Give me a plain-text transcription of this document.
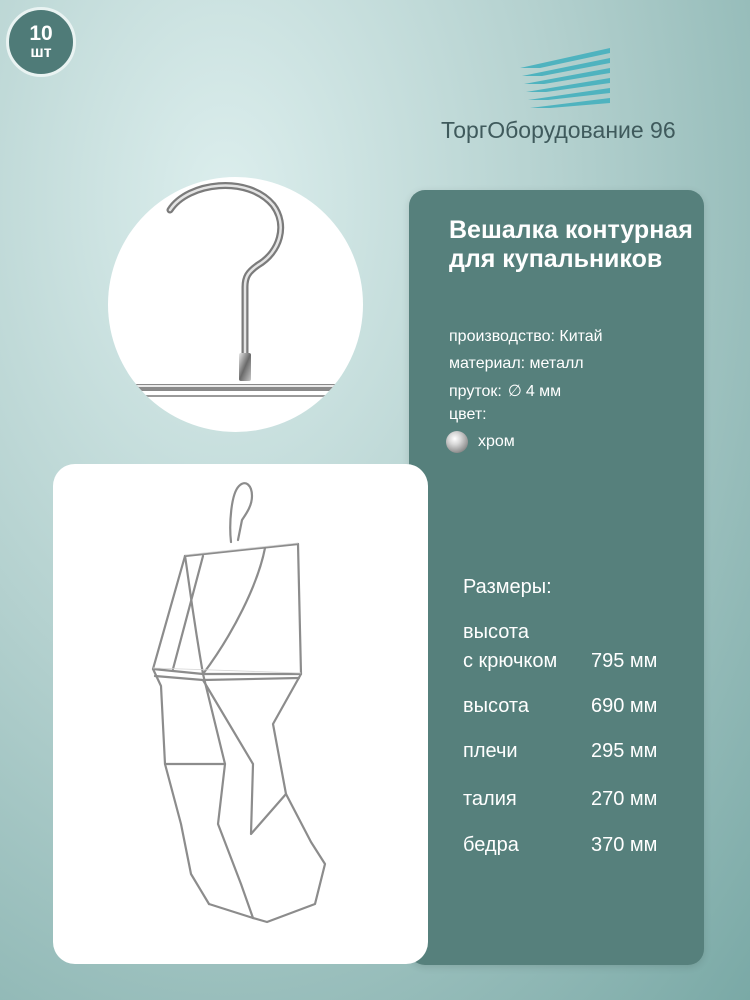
10
шт
ТоргОборудование 96
Вешалка контурная для купальников
производство: Китай
материал: металл
пруток: ∅ 4 мм
цвет:
хром
Размеры:
высота
с крючком 795 мм
высота	690 мм
плечи	295 мм
талия	270 мм
бедра	370 мм
